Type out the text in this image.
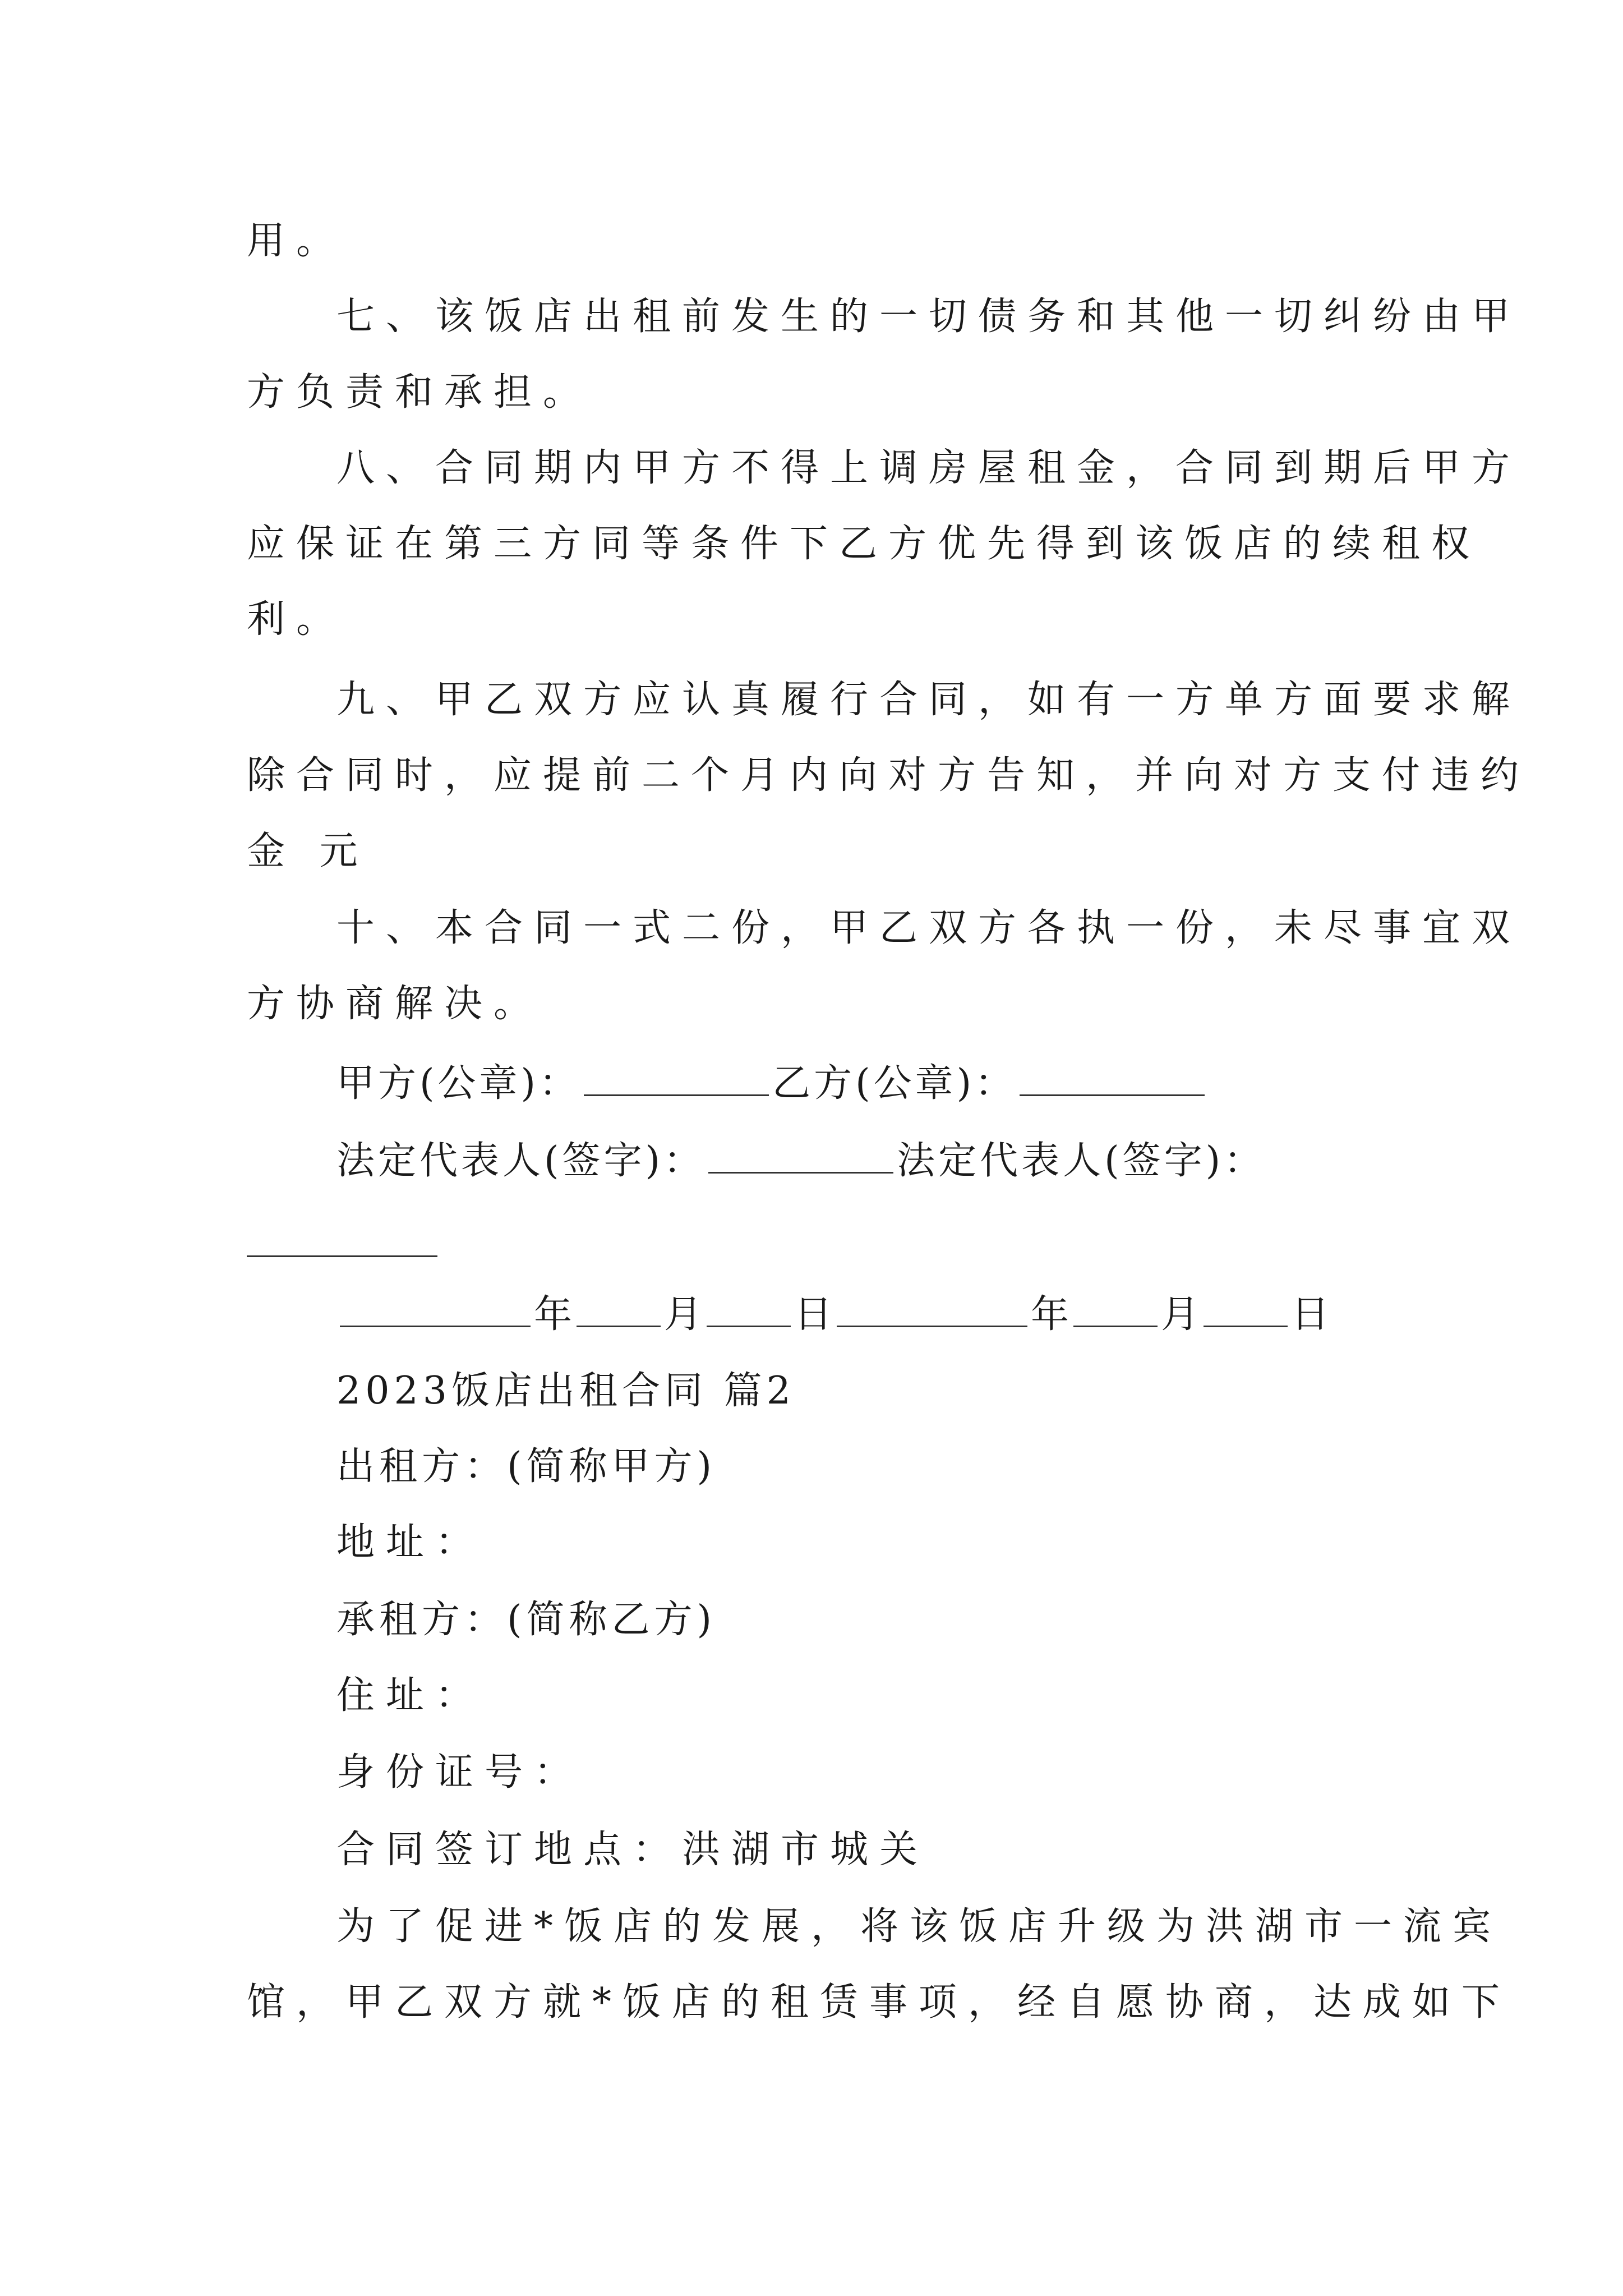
用。
七、该饭店出租前发生的一切债务和其他一切纠纷由甲
方负责和承担。
八、合同期内甲方不得上调房屋租金，合同到期后甲方
应保证在第三方同等条件下乙方优先得到该饭店的续租权
利。
九、甲乙双方应认真履行合同，如有一方单方面要求解
除合同时，应提前二个月内向对方告知，并向对方支付违约
金 元
十、本合同一式二份，甲乙双方各执一份，未尽事宜双
方协商解决。
甲方(公章)：	乙方(公章)：
法定代表人(签字)：	法定代表人(签字)：
年 月 日	年 月 日
2023饭店出租合同 篇2
出租方：(简称甲方)
地址：
承租方：(简称乙方)
住址：
身份证号：
合同签订地点：洪湖市城关
为了促进*饭店的发展，将该饭店升级为洪湖市一流宾
馆，甲乙双方就*饭店的租赁事项，经自愿协商，达成如下
